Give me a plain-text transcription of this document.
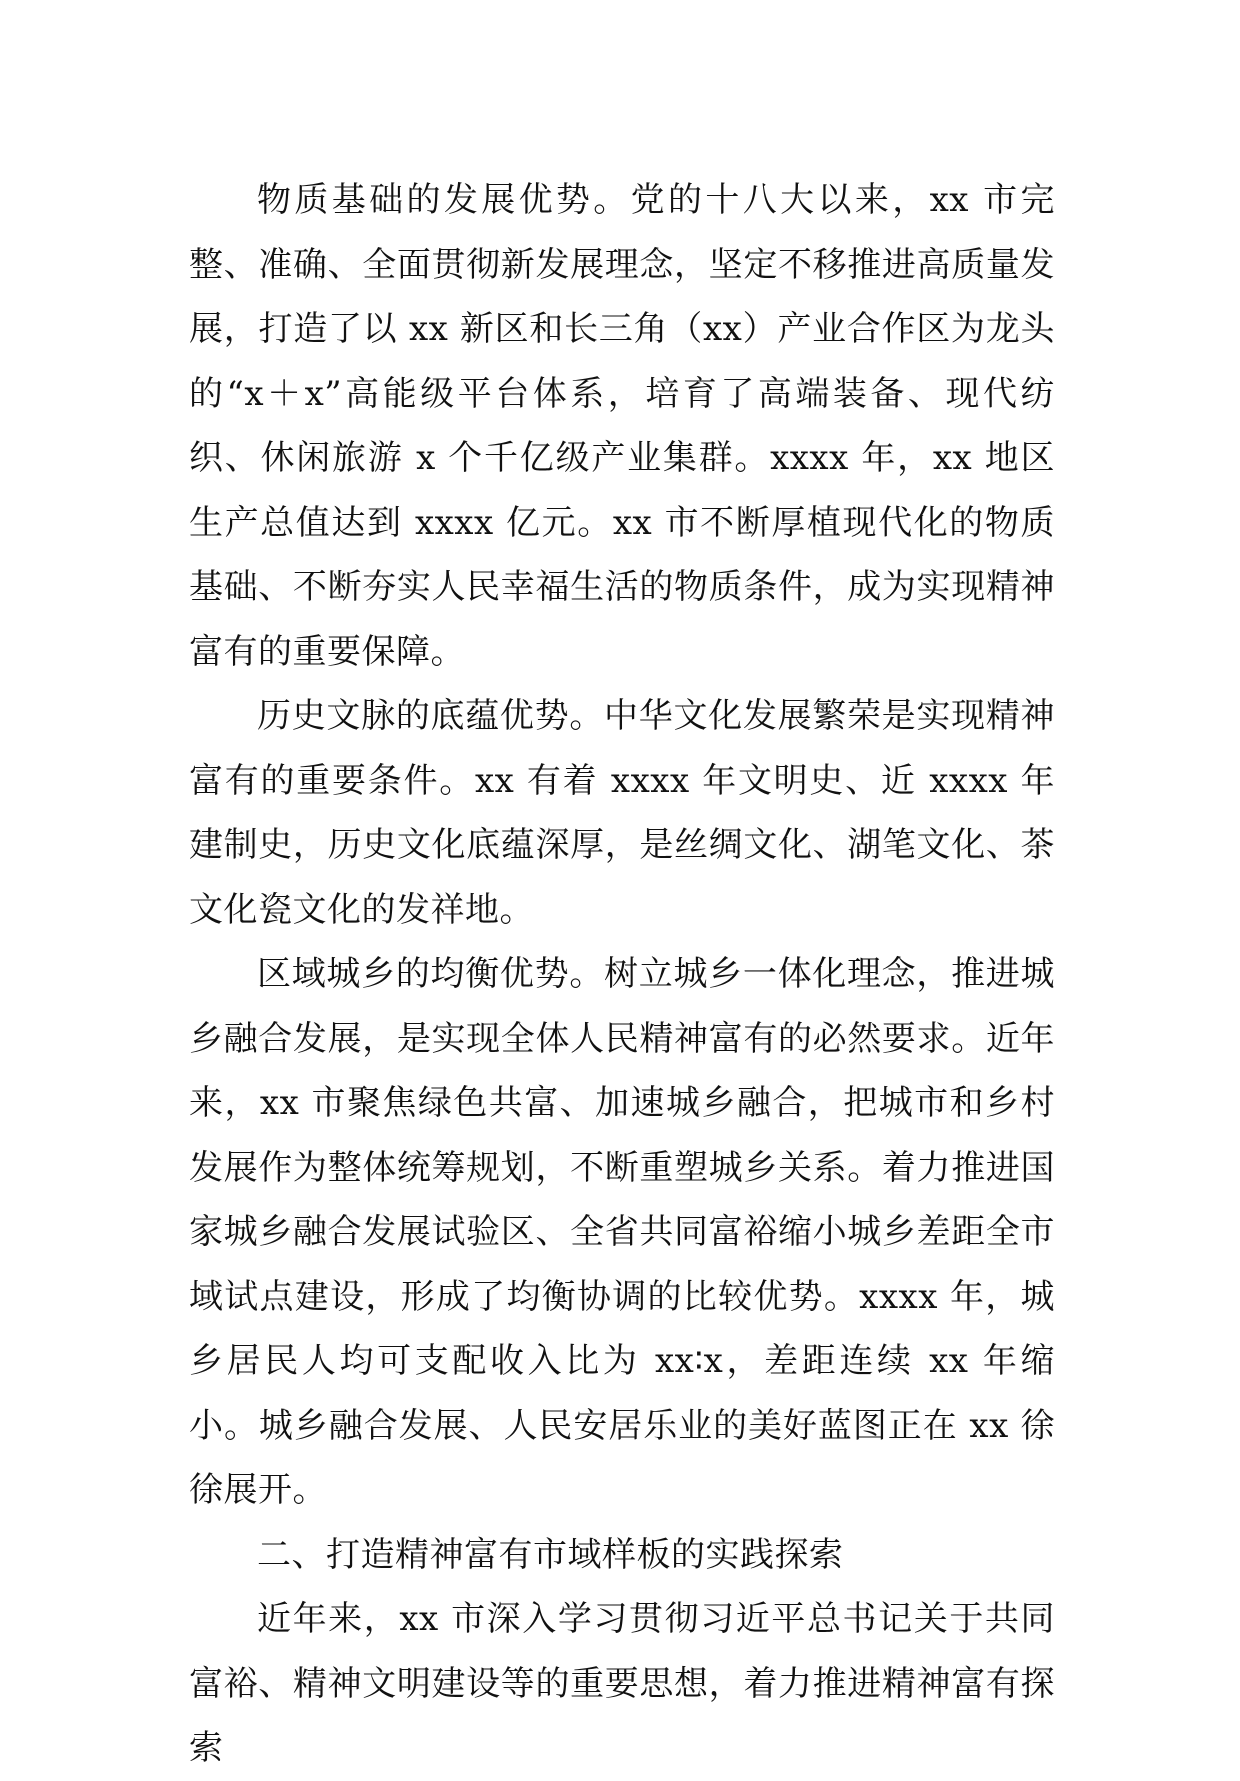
物质基础的发展优势。党的十八大以来，xx 市完整、准确、全面贯彻新发展理念，坚定不移推进高质量发展，打造了以 xx 新区和长三角（xx）产业合作区为龙头的“x＋x”高能级平台体系，培育了高端装备、现代纺织、休闲旅游 x 个千亿级产业集群。xxxx 年，xx 地区生产总值达到 xxxx 亿元。xx 市不断厚植现代化的物质基础、不断夯实人民幸福生活的物质条件，成为实现精神富有的重要保障。

历史文脉的底蕴优势。中华文化发展繁荣是实现精神富有的重要条件。xx 有着 xxxx 年文明史、近 xxxx 年建制史，历史文化底蕴深厚，是丝绸文化、湖笔文化、茶文化瓷文化的发祥地。

区域城乡的均衡优势。树立城乡一体化理念，推进城乡融合发展，是实现全体人民精神富有的必然要求。近年来，xx 市聚焦绿色共富、加速城乡融合，把城市和乡村发展作为整体统筹规划，不断重塑城乡关系。着力推进国家城乡融合发展试验区、全省共同富裕缩小城乡差距全市域试点建设，形成了均衡协调的比较优势。xxxx 年，城乡居民人均可支配收入比为 xx∶x，差距连续 xx 年缩小。城乡融合发展、人民安居乐业的美好蓝图正在 xx 徐徐展开。

二、打造精神富有市域样板的实践探索

近年来，xx 市深入学习贯彻习近平总书记关于共同富裕、精神文明建设等的重要思想，着力推进精神富有探索
